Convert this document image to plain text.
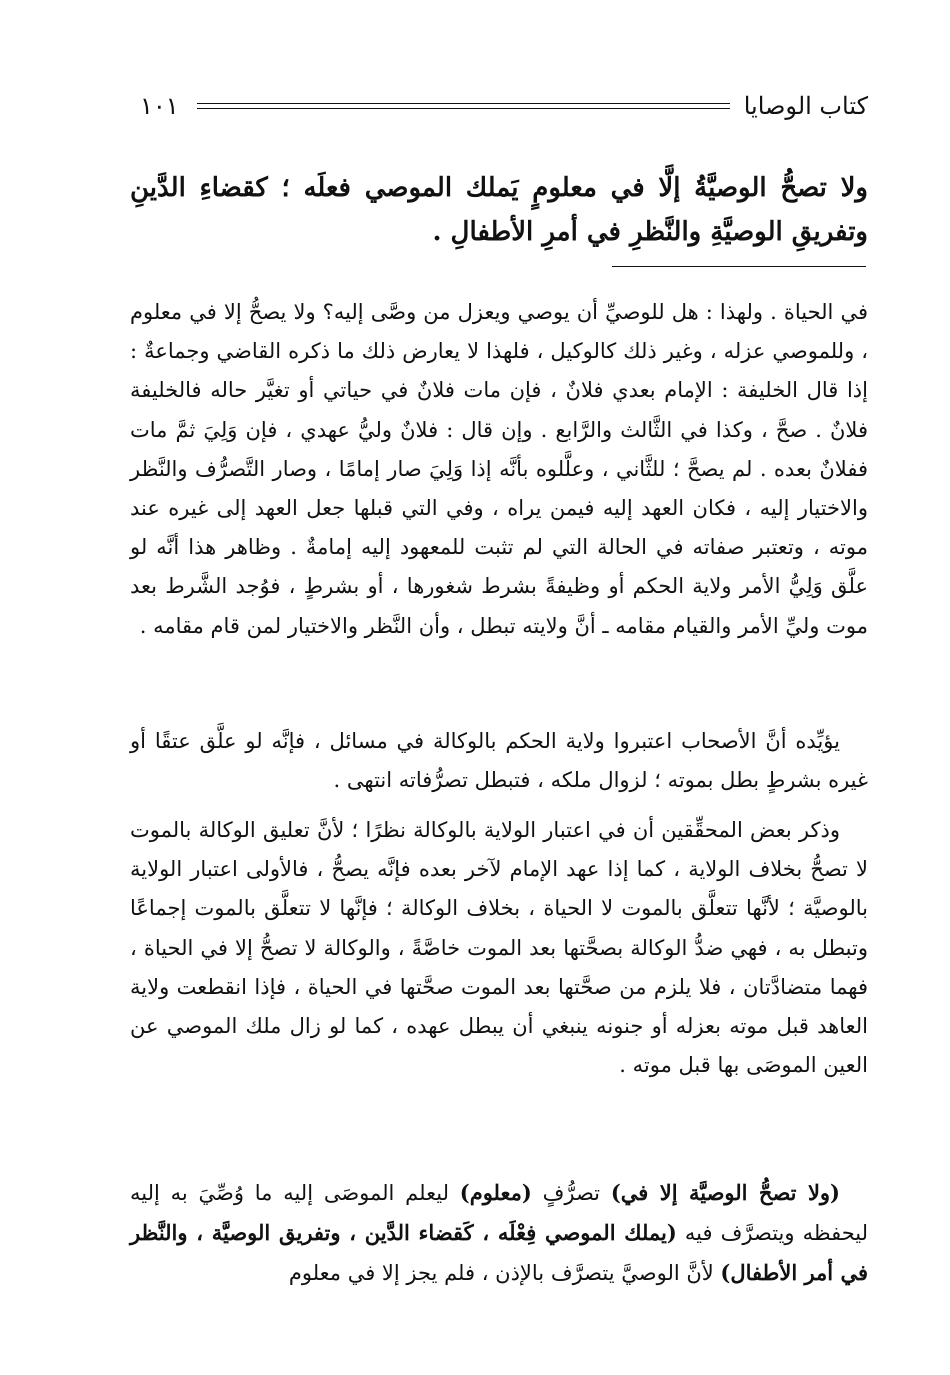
كتاب الوصايا
١٠١
ولا تصحُّ الوصيَّةُ إلَّا في معلومٍ يَملك الموصي فعلَه ؛ كقضاءِ الدَّينِ وتفريقِ الوصيَّةِ والنَّظرِ في أمرِ الأطفالِ .

في الحياة . ولهذا : هل للوصيِّ أن يوصي ويعزل من وصَّى إليه؟ ولا يصحُّ إلا في معلوم ، وللموصي عزله ، وغير ذلك كالوكيل ، فلهذا لا يعارض ذلك ما ذكره القاضي وجماعةٌ : إذا قال الخليفة : الإمام بعدي فلانٌ ، فإن مات فلانٌ في حياتي أو تغيَّر حاله فالخليفة فلانٌ . صحَّ ، وكذا في الثَّالث والرَّابع . وإن قال : فلانٌ وليُّ عهدي ، فإن وَلِيَ ثمَّ مات ففلانٌ بعده . لم يصحَّ ؛ للثَّاني ، وعلَّلوه بأنَّه إذا وَلِيَ صار إمامًا ، وصار التَّصرُّف والنَّظر والاختيار إليه ، فكان العهد إليه فيمن يراه ، وفي التي قبلها جعل العهد إلى غيره عند موته ، وتعتبر صفاته في الحالة التي لم تثبت للمعهود إليه إمامةٌ . وظاهر هذا أنَّه لو علَّق وَلِيُّ الأمر ولاية الحكم أو وظيفةً بشرط شغورها ، أو بشرطٍ ، فوُجد الشَّرط بعد موت وليِّ الأمر والقيام مقامه ـ أنَّ ولايته تبطل ، وأن النَّظر والاختيار لمن قام مقامه .

يؤيِّده أنَّ الأصحاب اعتبروا ولاية الحكم بالوكالة في مسائل ، فإنَّه لو علَّق عتقًا أو غيره بشرطٍ بطل بموته ؛ لزوال ملكه ، فتبطل تصرُّفاته انتهى .

وذكر بعض المحقِّقين أن في اعتبار الولاية بالوكالة نظرًا ؛ لأنَّ تعليق الوكالة بالموت لا تصحُّ بخلاف الولاية ، كما إذا عهد الإمام لآخر بعده فإنَّه يصحُّ ، فالأولى اعتبار الولاية بالوصيَّة ؛ لأنَّها تتعلَّق بالموت لا الحياة ، بخلاف الوكالة ؛ فإنَّها لا تتعلَّق بالموت إجماعًا وتبطل به ، فهي ضدُّ الوكالة بصحَّتها بعد الموت خاصَّةً ، والوكالة لا تصحُّ إلا في الحياة ، فهما متضادَّتان ، فلا يلزم من صحَّتها بعد الموت صحَّتها في الحياة ، فإذا انقطعت ولاية العاهد قبل موته بعزله أو جنونه ينبغي أن يبطل عهده ، كما لو زال ملك الموصي عن العين الموصَى بها قبل موته .

(ولا تصحُّ الوصيَّة إلا في) تصرُّفٍ (معلوم) ليعلم الموصَى إليه ما وُصِّيَ به إليه ليحفظه ويتصرَّف فيه (يملك الموصي فِعْلَه ، كَقضاء الدَّين ، وتفريق الوصيَّة ، والنَّظر في أمر الأطفال) لأنَّ الوصيَّ يتصرَّف بالإذن ، فلم يجز إلا في معلوم
